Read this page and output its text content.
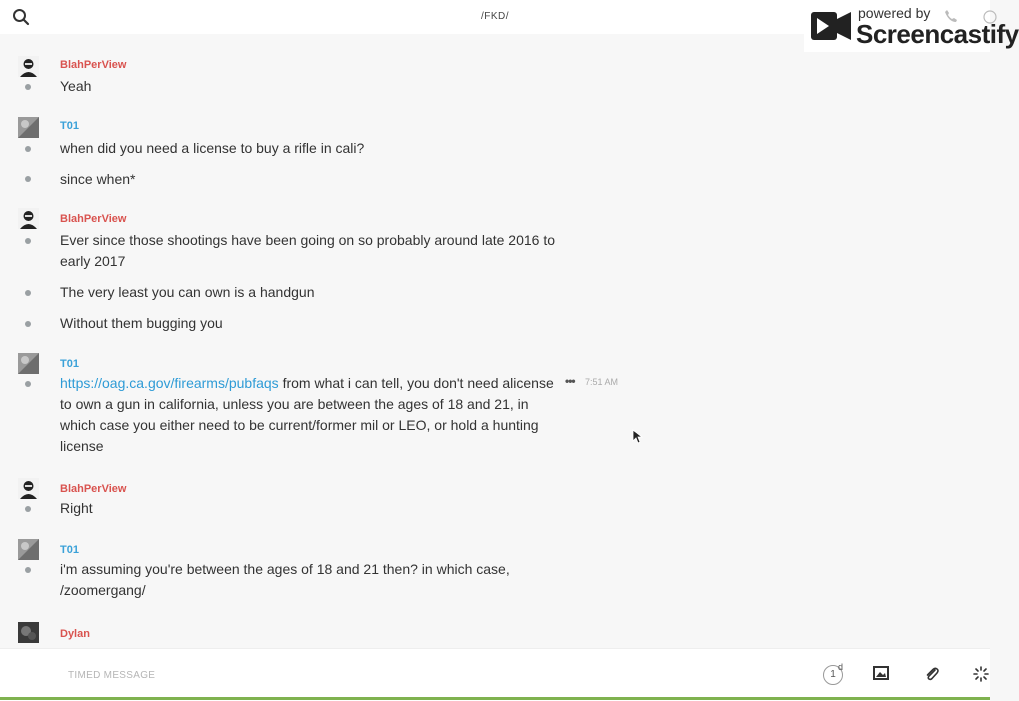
/FKD/	powered by
Screencastify
BlahPerView
Yeah
T01
when did you need a license to buy a rifle in cali?
since when*
BlahPerView
Ever since those shootings have been going on so probably around late 2016 to early 2017
The very least you can own is a handgun
Without them bugging you
T01
https://oag.ca.gov/firearms/pubfaqs from what i can tell, you don't need alicense to own a gun in california, unless you are between the ages of 18 and 21, in which case you either need to be current/former mil or LEO, or hold a hunting license
••• 7:51 AM
BlahPerView
Right
T01
i'm assuming you're between the ages of 18 and 21 then? in which case, /zoomergang/
Dylan
TIMED MESSAGE
1
d
